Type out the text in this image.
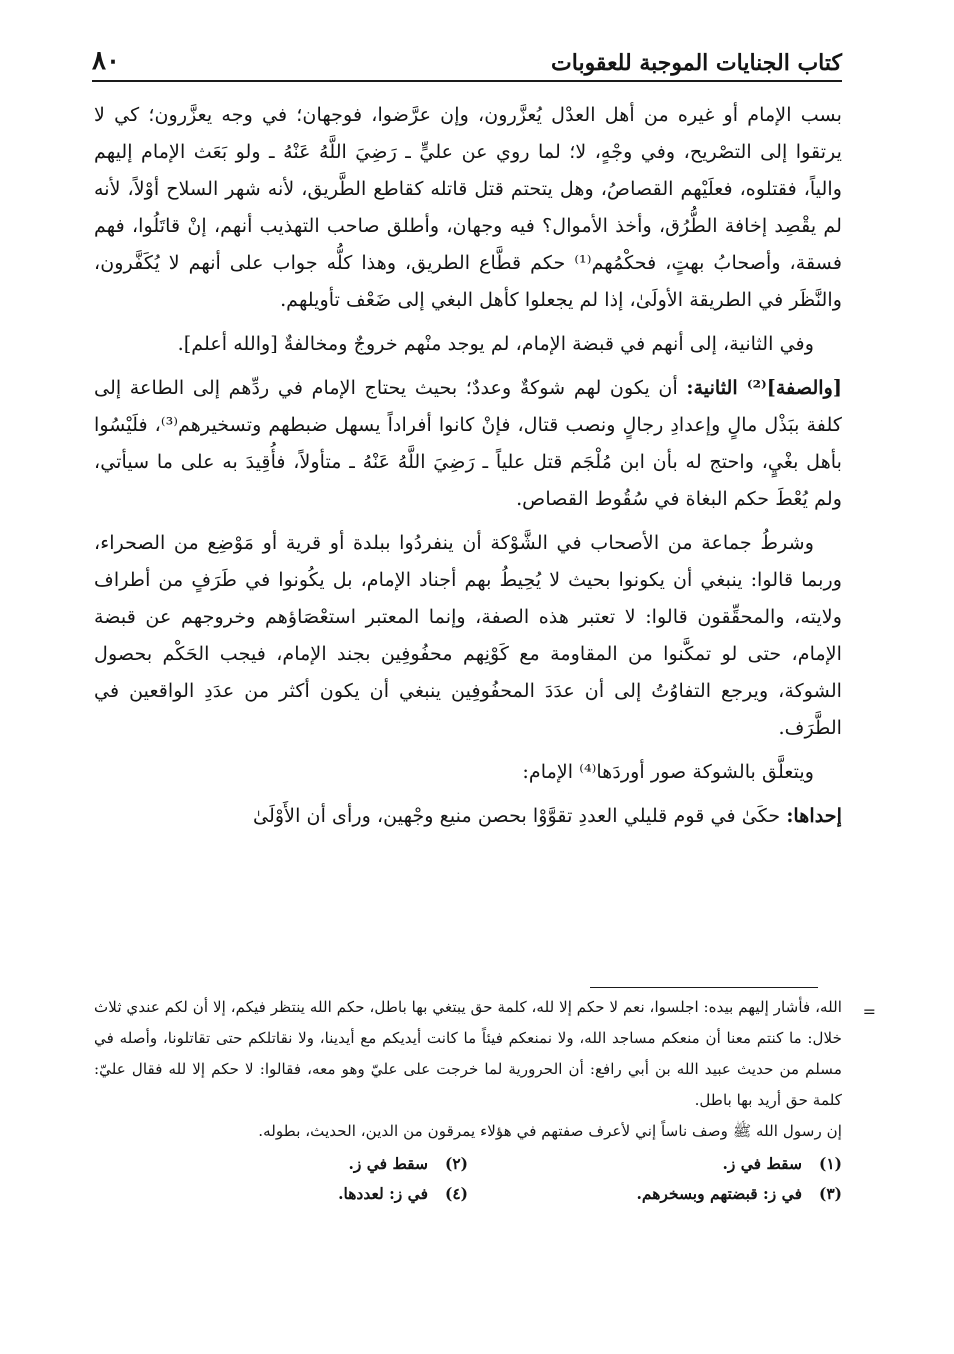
كتاب الجنايات الموجبة للعقوبات
٨٠

بسب الإمام أو غيره من أهل العدْل يُعزَّرون، وإن عرَّضوا، فوجهان؛ في وجه يعزَّرون؛ كي لا يرتقوا إلى التصْريح، وفي وجْهٍ، لا؛ لما روي عن عليٍّ ـ رَضِيَ اللَّهُ عَنْهُ ـ ولو بَعَث الإمام إليهم والياً، فقتلوه، فعلَيْهم القصاصُ، وهل يتحتم قتل قاتله كقاطع الطَّريق، لأنه شهر السلاح أوْلاً، لأنه لم يقْصِد إخافة الطُّرُق، وأخذ الأموال؟ فيه وجهان، وأطلق صاحب التهذيب أنهم، إنْ قاتَلُوا، فهم فسقة، وأصحابُ بهتٍ، فحكْمُهم⁽¹⁾ حكم قطَّاع الطريق، وهذا كلُّه جواب على أنهم لا يُكَفَّرون، والنَّظَر في الطريقة الأولَىٰ، إذا لم يجعلوا كأهل البغي إلى ضَعْف تأويلهم.

وفي الثانية، إلى أنهم في قبضة الإمام، لم يوجد منْهم خروجٌ ومخالفةٌ [والله أعلم].

[والصفة]⁽²⁾ الثانية: أن يكون لهم شوكةٌ وعددٌ؛ بحيث يحتاج الإمام في ردِّهم إلى الطاعة إلى كلفة ببَذْل مالٍ وإعدادِ رجالٍ ونصب قتال، فإنْ كانوا أفراداً يسهل ضبطهم وتسخيرهم⁽³⁾، فلَيْسُوا بأهل بغْيٍ، واحتج له بأن ابن مُلْجَم قتل علياً ـ رَضِيَ اللَّهُ عَنْهُ ـ متأولاً، فأُقِيدَ به على ما سيأتي، ولم يُعْطَ حكم البغاة في سُقُوط القصاص.

وشرطُ جماعة من الأصحاب في الشَّوْكة أن ينفردُوا ببلدة أو قرية أو مَوْضِع من الصحراء، وربما قالوا: ينبغي أن يكونوا بحيث لا يُحِيطُ بهم أجناد الإمام، بل يكُونوا في طَرَفٍ من أطراف ولايته، والمحقِّقون قالوا: لا تعتبر هذه الصفة، وإنما المعتبر استعْصَاؤهم وخروجهم عن قبضة الإمام، حتى لو تمكَّنوا من المقاومة مع كَوْنِهم محفُوفِين بجند الإمام، فيجب الحَكْم بحصول الشوكة، ويرجع التفاوُتُ إلى أن عدَدَ المحفُوفِين ينبغي أن يكون أكثر من عدَدِ الواقعين في الطَّرَف.

ويتعلَّق بالشوكة صور أوردَها⁽⁴⁾ الإمام:

إحداها: حكَىٰ في قوم قليلي العددِ تقوَّوْا بحصن منيع وجْهين، ورأى أن الأَوْلَىٰ

=

الله، فأشار إليهم بيده: اجلسوا، نعم لا حكم إلا لله، كلمة حق يبتغي بها باطل، حكم الله ينتظر فيكم، إلا أن لكم عندي ثلاث خلال: ما كنتم معنا أن منعكم مساجد الله، ولا نمنعكم فيئاً ما كانت أيديكم مع أيدينا، ولا نقاتلكم حتى تقاتلونا، وأصله في مسلم من حديث عبيد الله بن أبي رافع: أن الحرورية لما خرجت على عليّ وهو معه، فقالوا: لا حكم إلا لله فقال عليّ: كلمة حق أريد بها باطل.

إن رسول الله ﷺ وصف ناساً إني لأعرف صفتهم في هؤلاء يمرقون من الدين، الحديث، بطوله.

(١)
سقط في ز.
(٢)
سقط في ز.
(٣)
في ز: قبضتهم وبسخرهم.
(٤)
في ز: لعددها.
